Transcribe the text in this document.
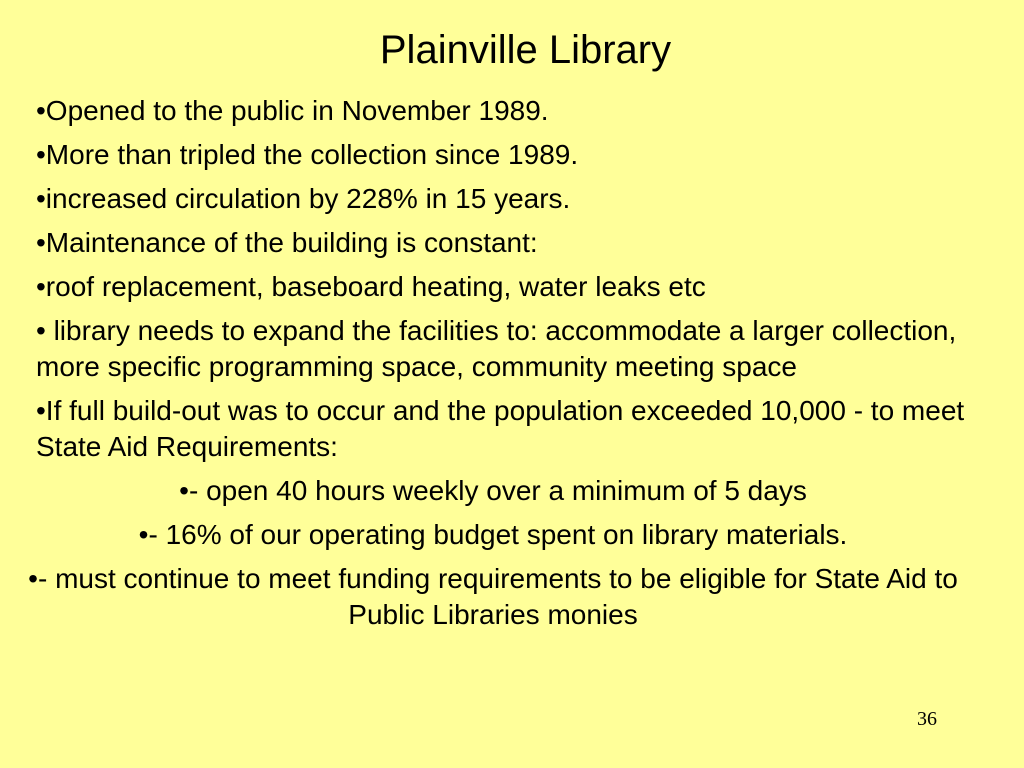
Plainville Library
•Opened to the public in November 1989.
•More than tripled the collection since 1989.
•increased circulation by 228% in 15 years.
•Maintenance of the building is constant:
•roof replacement, baseboard heating, water leaks etc
• library needs to expand the facilities to: accommodate a larger collection, more specific programming space, community meeting space
•If full build-out was to occur and the population exceeded 10,000 - to meet State Aid Requirements:
•- open 40 hours weekly over a minimum of 5 days
•- 16% of our operating budget spent on library materials.
•- must continue to meet funding requirements to be eligible for State Aid to Public Libraries monies
36
